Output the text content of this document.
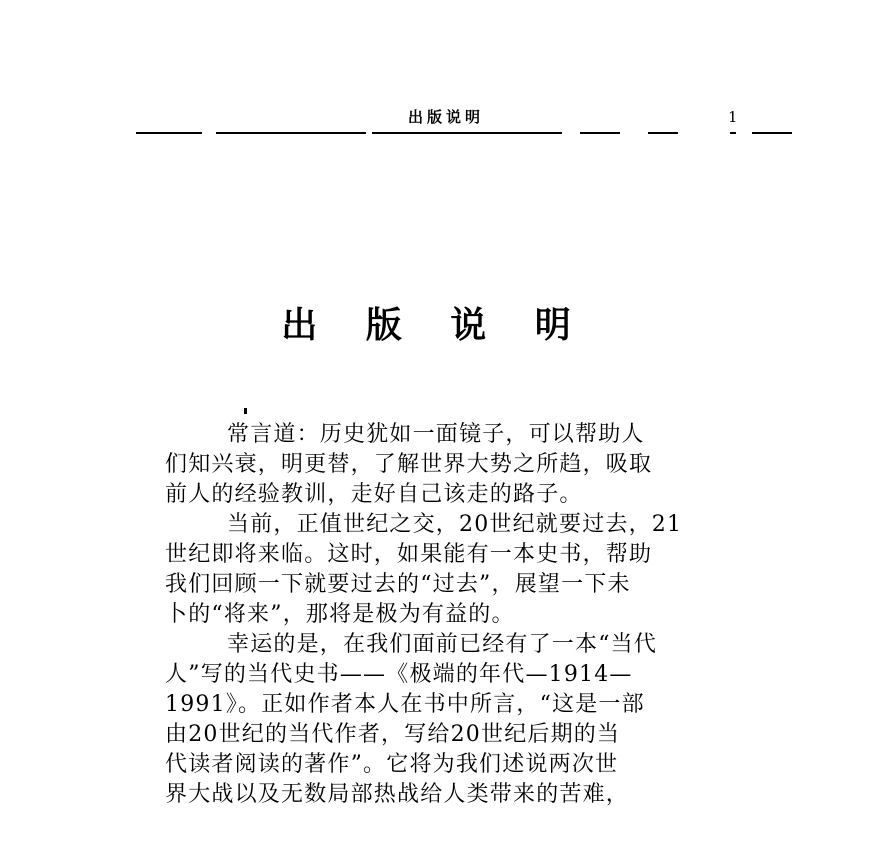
出版说明	1
出 版 说 明
常言道：历史犹如一面镜子，可以帮助人
们知兴衰，明更替，了解世界大势之所趋，吸取
前人的经验教训，走好自己该走的路子。
当前，正值世纪之交，20世纪就要过去，21
世纪即将来临。这时，如果能有一本史书，帮助
我们回顾一下就要过去的“过去”，展望一下未
卜的“将来”，那将是极为有益的。
幸运的是，在我们面前已经有了一本“当代
人”写的当代史书——《极端的年代—1914—
1991》。正如作者本人在书中所言，“这是一部
由20世纪的当代作者，写给20世纪后期的当
代读者阅读的著作”。它将为我们述说两次世
界大战以及无数局部热战给人类带来的苦难，
